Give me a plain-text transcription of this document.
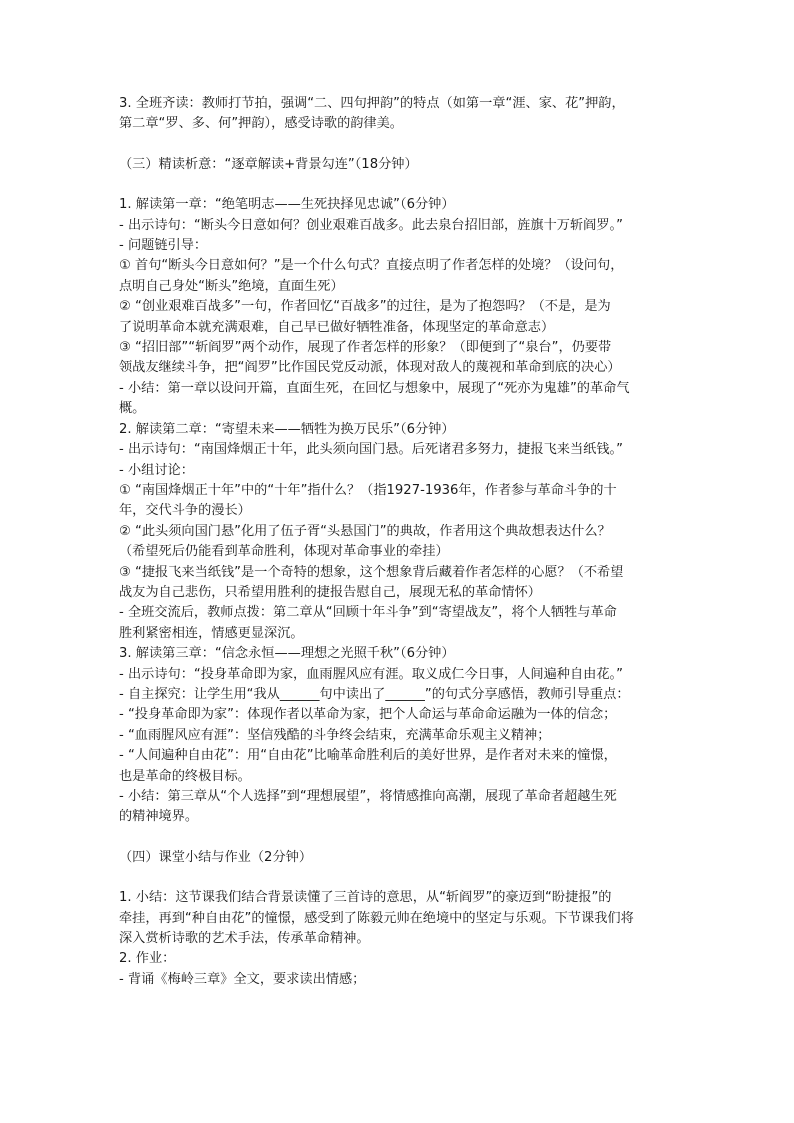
3. 全班齐读：教师打节拍，强调“二、四句押韵”的特点（如第一章“涯、家、花”押韵，

第二章“罗、多、何”押韵），感受诗歌的韵律美。

（三）精读析意：“逐章解读+背景勾连”（18分钟）

1. 解读第一章：“绝笔明志——生死抉择见忠诚”（6分钟）

- 出示诗句：“断头今日意如何？创业艰难百战多。此去泉台招旧部，旌旗十万斩阎罗。”

- 问题链引导：

① 首句“断头今日意如何？”是一个什么句式？直接点明了作者怎样的处境？（设问句，

点明自己身处“断头”绝境，直面生死）

② “创业艰难百战多”一句，作者回忆“百战多”的过往，是为了抱怨吗？（不是，是为

了说明革命本就充满艰难，自己早已做好牺牲准备，体现坚定的革命意志）

③ “招旧部”“斩阎罗”两个动作，展现了作者怎样的形象？（即便到了“泉台”，仍要带

领战友继续斗争，把“阎罗”比作国民党反动派，体现对敌人的蔑视和革命到底的决心）

- 小结：第一章以设问开篇，直面生死，在回忆与想象中，展现了“死亦为鬼雄”的革命气

概。

2. 解读第二章：“寄望未来——牺牲为换万民乐”（6分钟）

- 出示诗句：“南国烽烟正十年，此头须向国门悬。后死诸君多努力，捷报飞来当纸钱。”

- 小组讨论：

① “南国烽烟正十年”中的“十年”指什么？（指1927-1936年，作者参与革命斗争的十

年，交代斗争的漫长）

② “此头须向国门悬”化用了伍子胥“头悬国门”的典故，作者用这个典故想表达什么？

（希望死后仍能看到革命胜利，体现对革命事业的牵挂）

③ “捷报飞来当纸钱”是一个奇特的想象，这个想象背后藏着作者怎样的心愿？（不希望

战友为自己悲伤，只希望用胜利的捷报告慰自己，展现无私的革命情怀）

- 全班交流后，教师点拨：第二章从“回顾十年斗争”到“寄望战友”，将个人牺牲与革命

胜利紧密相连，情感更显深沉。

3. 解读第三章：“信念永恒——理想之光照千秋”（6分钟）

- 出示诗句：“投身革命即为家，血雨腥风应有涯。取义成仁今日事，人间遍种自由花。”

- 自主探究：让学生用“我从______句中读出了______”的句式分享感悟，教师引导重点：

- “投身革命即为家”：体现作者以革命为家，把个人命运与革命命运融为一体的信念；

- “血雨腥风应有涯”：坚信残酷的斗争终会结束，充满革命乐观主义精神；

- “人间遍种自由花”：用“自由花”比喻革命胜利后的美好世界，是作者对未来的憧憬，

也是革命的终极目标。

- 小结：第三章从“个人选择”到“理想展望”，将情感推向高潮，展现了革命者超越生死

的精神境界。

（四）课堂小结与作业（2分钟）

1. 小结：这节课我们结合背景读懂了三首诗的意思，从“斩阎罗”的豪迈到“盼捷报”的

牵挂，再到“种自由花”的憧憬，感受到了陈毅元帅在绝境中的坚定与乐观。下节课我们将

深入赏析诗歌的艺术手法，传承革命精神。

2. 作业：

- 背诵《梅岭三章》全文，要求读出情感；
